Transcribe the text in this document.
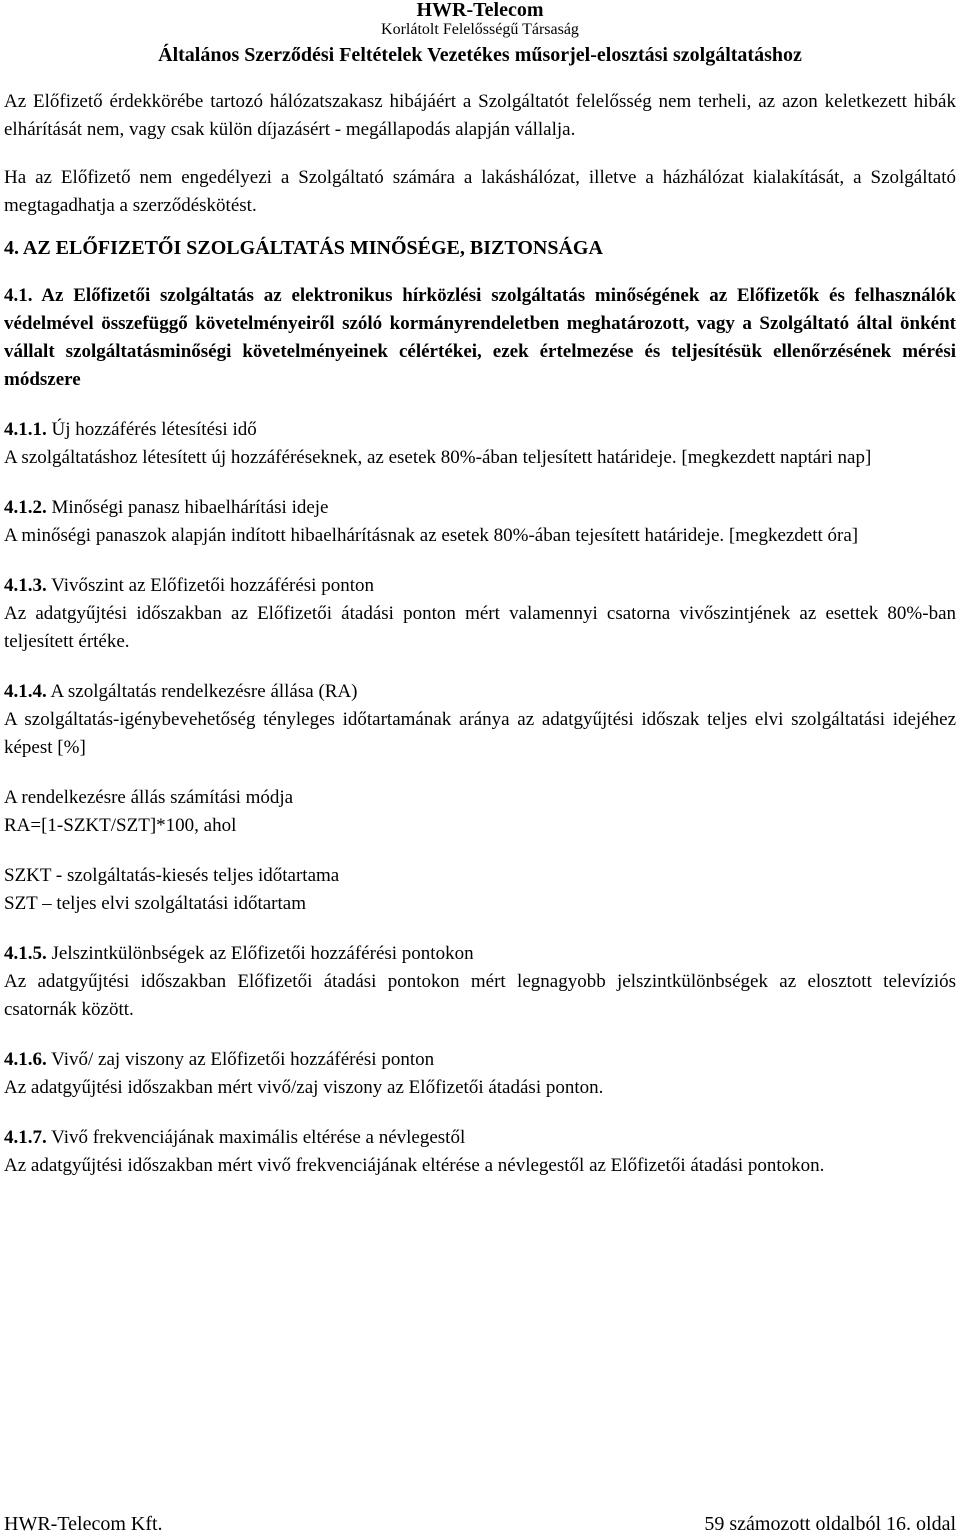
HWR-Telecom
Korlátolt Felelősségű Társaság
Általános Szerződési Feltételek Vezetékes műsorjel-elosztási szolgáltatáshoz

Az Előfizető érdekkörébe tartozó hálózatszakasz hibájáért a Szolgáltatót felelősség nem terheli, az azon keletkezett hibák elhárítását nem, vagy csak külön díjazásért - megállapodás alapján vállalja.

Ha az Előfizető nem engedélyezi a Szolgáltató számára a lakáshálózat, illetve a házhálózat kialakítását, a Szolgáltató megtagadhatja a szerződéskötést.

4. AZ ELŐFIZETŐI SZOLGÁLTATÁS MINŐSÉGE, BIZTONSÁGA

4.1. Az Előfizetői szolgáltatás az elektronikus hírközlési szolgáltatás minőségének az Előfizetők és felhasználók védelmével összefüggő követelményeiről szóló kormányrendeletben meghatározott, vagy a Szolgáltató által önként vállalt szolgáltatásminőségi követelményeinek célértékei, ezek értelmezése és teljesítésük ellenőrzésének mérési módszere

4.1.1. Új hozzáférés létesítési idő

A szolgáltatáshoz létesített új hozzáféréseknek, az esetek 80%-ában teljesített határideje. [megkezdett naptári nap]

4.1.2. Minőségi panasz hibaelhárítási ideje

A minőségi panaszok alapján indított hibaelhárításnak az esetek 80%-ában tejesített határideje. [megkezdett óra]

4.1.3. Vivőszint az Előfizetői hozzáférési ponton

Az adatgyűjtési időszakban az Előfizetői átadási ponton mért valamennyi csatorna vivőszintjének az esettek 80%-ban teljesített értéke.

4.1.4. A szolgáltatás rendelkezésre állása (RA)

A szolgáltatás-igénybevehetőség tényleges időtartamának aránya az adatgyűjtési időszak teljes elvi szolgáltatási idejéhez képest [%]

A rendelkezésre állás számítási módja

RA=[1-SZKT/SZT]*100, ahol

SZKT - szolgáltatás-kiesés teljes időtartama

SZT – teljes elvi szolgáltatási időtartam

4.1.5. Jelszintkülönbségek az Előfizetői hozzáférési pontokon

Az adatgyűjtési időszakban Előfizetői átadási pontokon mért legnagyobb jelszintkülönbségek az elosztott televíziós csatornák között.

4.1.6. Vivő/ zaj viszony az Előfizetői hozzáférési ponton

Az adatgyűjtési időszakban mért vivő/zaj viszony az Előfizetői átadási ponton.

4.1.7. Vivő frekvenciájának maximális eltérése a névlegestől

Az adatgyűjtési időszakban mért vivő frekvenciájának eltérése a névlegestől az Előfizetői átadási pontokon.

HWR-Telecom Kft.	59 számozott oldalból 16. oldal
